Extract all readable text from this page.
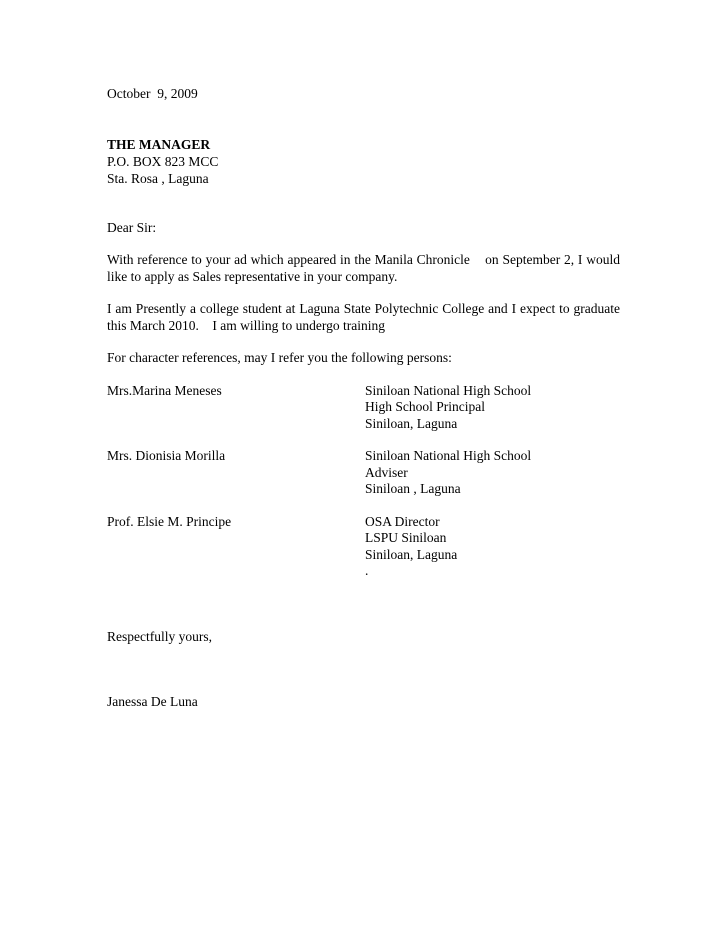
October  9, 2009
THE MANAGER
P.O. BOX 823 MCC
Sta. Rosa , Laguna
Dear Sir:
With reference to your ad which appeared in the Manila Chronicle    on September 2, I would like to apply as Sales representative in your company.
I am Presently a college student at Laguna State Polytechnic College and I expect to graduate this March 2010.    I am willing to undergo training
For character references, may I refer you the following persons:
Mrs.Marina Meneses	Siniloan National High School
High School Principal
Siniloan, Laguna
Mrs. Dionisia Morilla	Siniloan National High School
Adviser
Siniloan , Laguna
Prof. Elsie M. Principe	OSA Director
LSPU Siniloan
Siniloan, Laguna
.
Respectfully yours,
Janessa De Luna
